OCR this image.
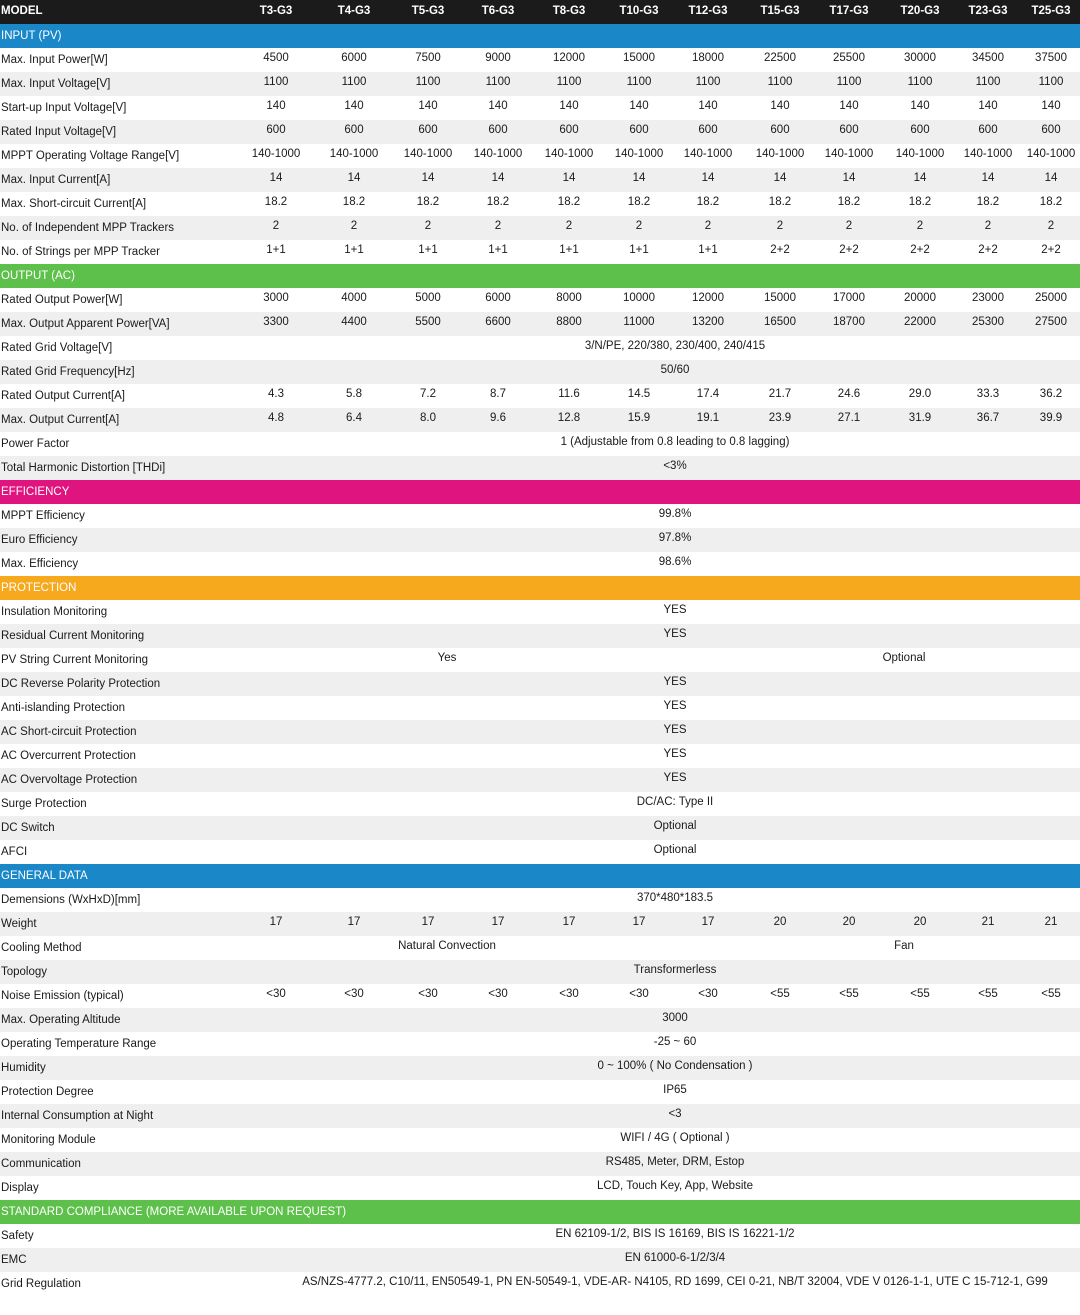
MODEL	T3-G3	T4-G3	T5-G3	T6-G3	T8-G3	T10-G3	T12-G3	T15-G3	T17-G3	T20-G3	T23-G3	T25-G3
INPUT (PV)
Max. Input Power[W]	4500	6000	7500	9000	12000	15000	18000	22500	25500	30000	34500	37500
Max. Input Voltage[V]	1100	1100	1100	1100	1100	1100	1100	1100	1100	1100	1100	1100
Start-up Input Voltage[V]	140	140	140	140	140	140	140	140	140	140	140	140
Rated Input Voltage[V]	600	600	600	600	600	600	600	600	600	600	600	600
MPPT Operating Voltage Range[V]	140-1000	140-1000	140-1000	140-1000	140-1000	140-1000	140-1000	140-1000	140-1000	140-1000	140-1000	140-1000
Max. Input Current[A]	14	14	14	14	14	14	14	14	14	14	14	14
Max. Short-circuit Current[A]	18.2	18.2	18.2	18.2	18.2	18.2	18.2	18.2	18.2	18.2	18.2	18.2
No. of Independent MPP Trackers	2	2	2	2	2	2	2	2	2	2	2	2
No. of Strings per MPP Tracker	1+1	1+1	1+1	1+1	1+1	1+1	1+1	2+2	2+2	2+2	2+2	2+2
OUTPUT (AC)
Rated Output Power[W]	3000	4000	5000	6000	8000	10000	12000	15000	17000	20000	23000	25000
Max. Output Apparent Power[VA]	3300	4400	5500	6600	8800	11000	13200	16500	18700	22000	25300	27500
Rated Grid Voltage[V]	3/N/PE, 220/380, 230/400, 240/415
Rated Grid Frequency[Hz]	50/60
Rated Output Current[A]	4.3	5.8	7.2	8.7	11.6	14.5	17.4	21.7	24.6	29.0	33.3	36.2
Max. Output Current[A]	4.8	6.4	8.0	9.6	12.8	15.9	19.1	23.9	27.1	31.9	36.7	39.9
Power Factor	1 (Adjustable from 0.8 leading to 0.8 lagging)
Total Harmonic Distortion [THDi]	<3%
EFFICIENCY
MPPT Efficiency	99.8%
Euro Efficiency	97.8%
Max. Efficiency	98.6%
PROTECTION
Insulation Monitoring	YES
Residual Current Monitoring	YES
PV String Current Monitoring	Yes	Optional
DC Reverse Polarity Protection	YES
Anti-islanding Protection	YES
AC Short-circuit Protection	YES
AC Overcurrent Protection	YES
AC Overvoltage Protection	YES
Surge Protection	DC/AC: Type II
DC Switch	Optional
AFCI	Optional
GENERAL DATA
Demensions (WxHxD)[mm]	370*480*183.5
Weight	17	17	17	17	17	17	17	20	20	20	21	21
Cooling Method	Natural Convection	Fan
Topology	Transformerless
Noise Emission (typical)	<30	<30	<30	<30	<30	<30	<30	<55	<55	<55	<55	<55
Max. Operating Altitude	3000
Operating Temperature Range	-25 ~ 60
Humidity	0 ~ 100% ( No Condensation )
Protection Degree	IP65
Internal Consumption at Night	<3
Monitoring Module	WIFI / 4G ( Optional )
Communication	RS485, Meter, DRM, Estop
Display	LCD, Touch Key, App, Website
STANDARD COMPLIANCE (MORE AVAILABLE UPON REQUEST)
Safety	EN 62109-1/2, BIS IS 16169, BIS IS 16221-1/2
EMC	EN 61000-6-1/2/3/4
Grid Regulation	AS/NZS-4777.2, C10/11, EN50549-1, PN EN-50549-1, VDE-AR- N4105, RD 1699, CEI 0-21, NB/T 32004, VDE V 0126-1-1, UTE C 15-712-1, G99
